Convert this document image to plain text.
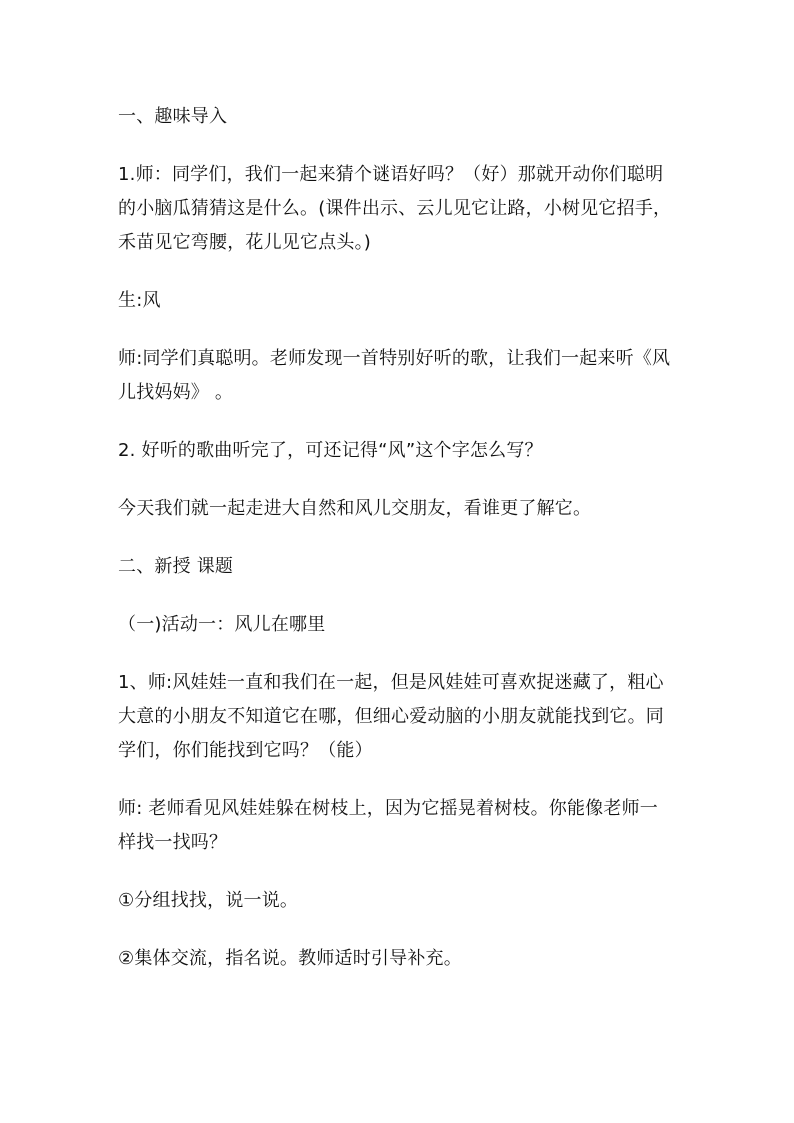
一、趣味导入

1.师：同学们，我们一起来猜个谜语好吗？（好）那就开动你们聪明
的小脑瓜猜猜这是什么。(课件出示、云儿见它让路，小树见它招手，
禾苗见它弯腰，花儿见它点头。)

生:风

师:同学们真聪明。老师发现一首特别好听的歌，让我们一起来听《风
儿找妈妈》 。

2. 好听的歌曲听完了，可还记得“风”这个字怎么写？

今天我们就一起走进大自然和风儿交朋友，看谁更了解它。

二、新授 课题

（一)活动一：风儿在哪里

1、师:风娃娃一直和我们在一起，但是风娃娃可喜欢捉迷藏了，粗心
大意的小朋友不知道它在哪，但细心爱动脑的小朋友就能找到它。同
学们，你们能找到它吗？（能）

师: 老师看见风娃娃躲在树枝上，因为它摇晃着树枝。你能像老师一
样找一找吗？

①分组找找，说一说。

②集体交流，指名说。教师适时引导补充。
